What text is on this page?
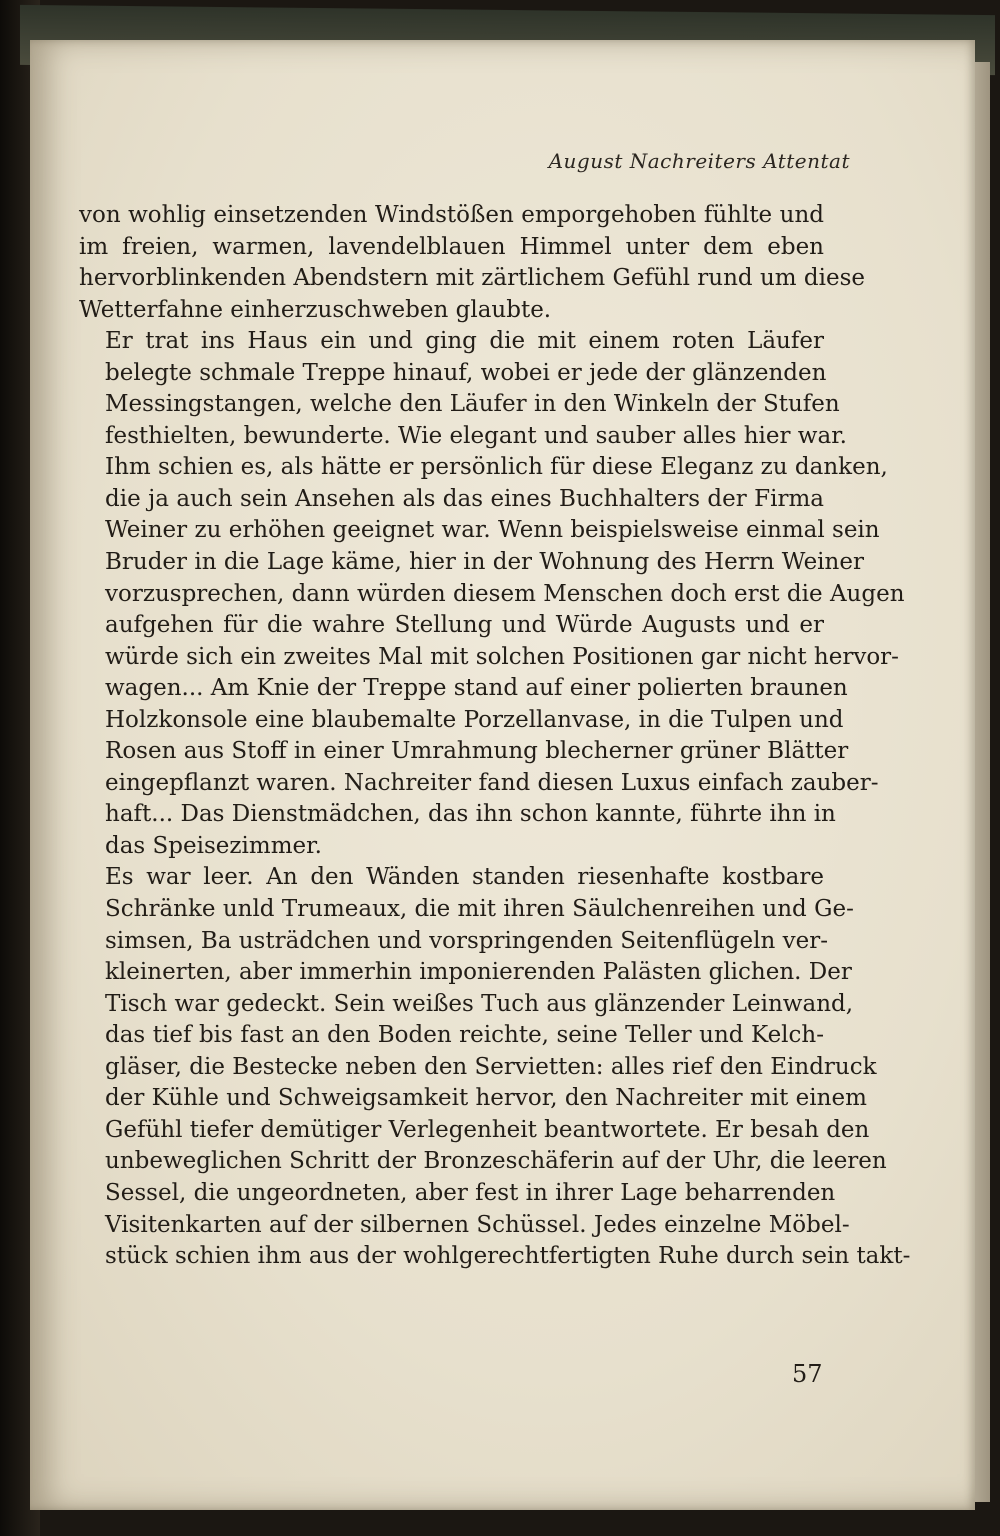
August Nachreiters Attentat

von wohlig einsetzenden Windstößen emporgehoben fühlte und
im freien, warmen, lavendelblauen Himmel unter dem eben
hervorblinkenden Abendstern mit zärtlichem Gefühl rund um diese
Wetterfahne einherzuschweben glaubte.

Er trat ins Haus ein und ging die mit einem roten Läufer
belegte schmale Treppe hinauf, wobei er jede der glänzenden
Messingstangen, welche den Läufer in den Winkeln der Stufen
festhielten, bewunderte. Wie elegant und sauber alles hier war.
Ihm schien es, als hätte er persönlich für diese Eleganz zu danken,
die ja auch sein Ansehen als das eines Buchhalters der Firma
Weiner zu erhöhen geeignet war. Wenn beispielsweise einmal sein
Bruder in die Lage käme, hier in der Wohnung des Herrn Weiner
vorzusprechen, dann würden diesem Menschen doch erst die Augen
aufgehen für die wahre Stellung und Würde Augusts und er
würde sich ein zweites Mal mit solchen Positionen gar nicht hervor-
wagen... Am Knie der Treppe stand auf einer polierten braunen
Holzkonsole eine blaubemalte Porzellanvase, in die Tulpen und
Rosen aus Stoff in einer Umrahmung blecherner grüner Blätter
eingepflanzt waren. Nachreiter fand diesen Luxus einfach zauber-
haft... Das Dienstmädchen, das ihn schon kannte, führte ihn in
das Speisezimmer.

Es war leer. An den Wänden standen riesenhafte kostbare
Schränke unld Trumeaux, die mit ihren Säulchenreihen und Ge-
simsen, Ba usträdchen und vorspringenden Seitenflügeln ver-
kleinerten, aber immerhin imponierenden Palästen glichen. Der
Tisch war gedeckt. Sein weißes Tuch aus glänzender Leinwand,
das tief bis fast an den Boden reichte, seine Teller und Kelch-
gläser, die Bestecke neben den Servietten: alles rief den Eindruck
der Kühle und Schweigsamkeit hervor, den Nachreiter mit einem
Gefühl tiefer demütiger Verlegenheit beantwortete. Er besah den
unbeweglichen Schritt der Bronzeschäferin auf der Uhr, die leeren
Sessel, die ungeordneten, aber fest in ihrer Lage beharrenden
Visitenkarten auf der silbernen Schüssel. Jedes einzelne Möbel-
stück schien ihm aus der wohlgerechtfertigten Ruhe durch sein takt-

57
